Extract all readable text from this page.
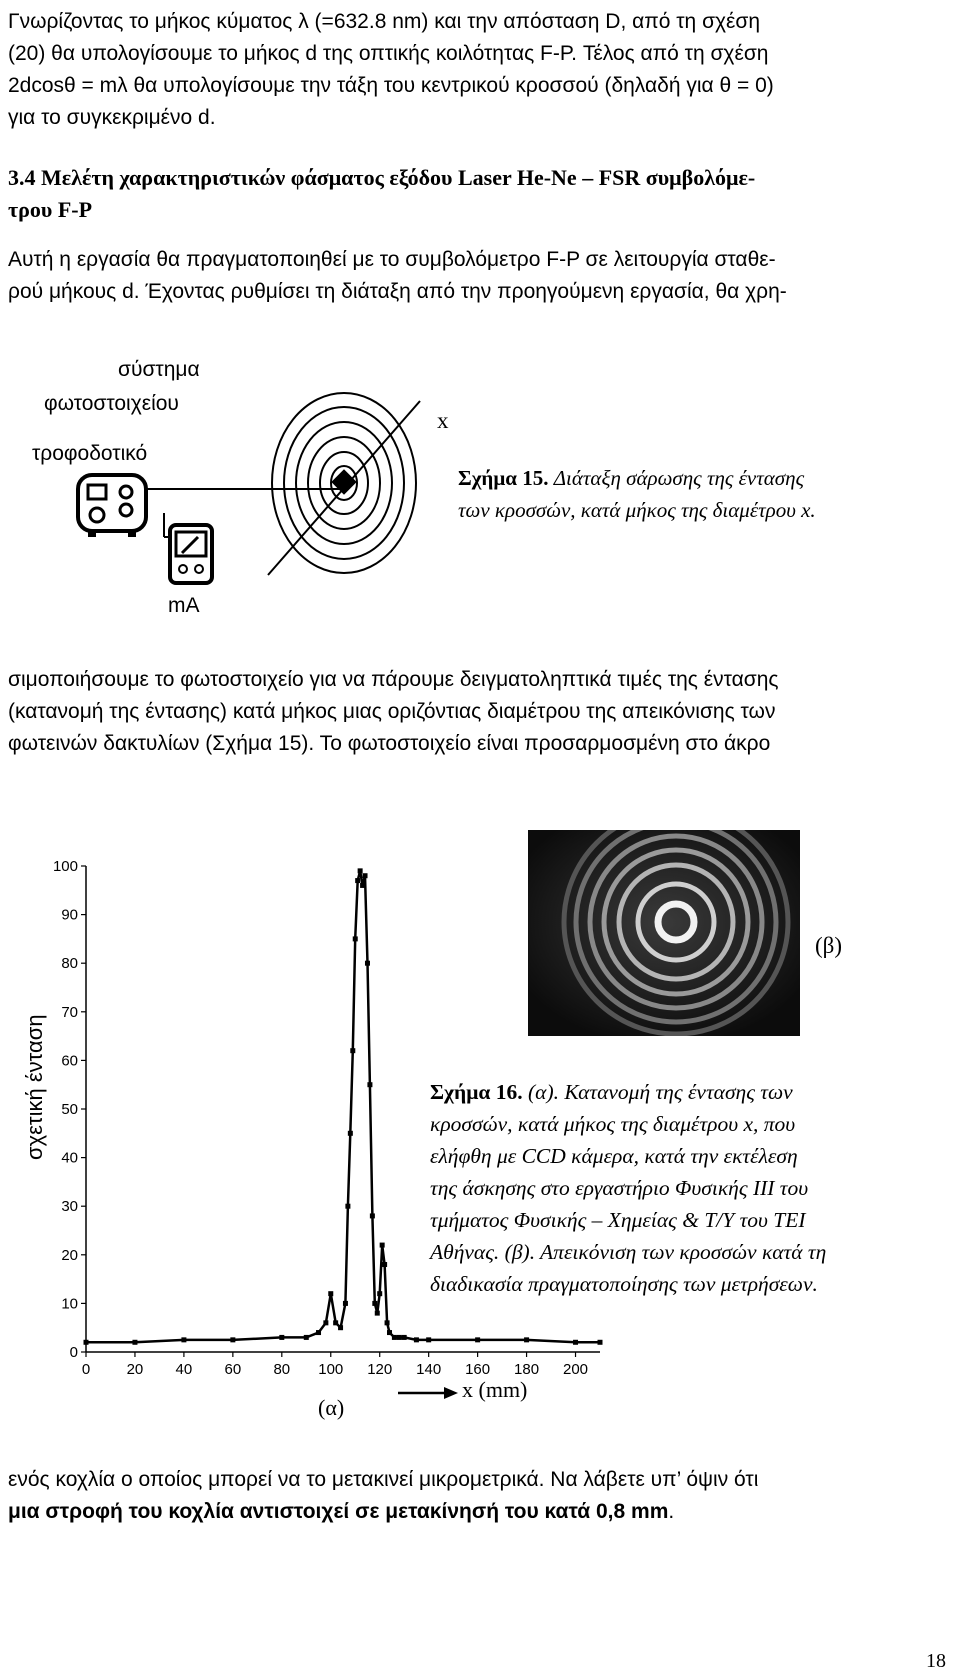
Γνωρίζοντας το μήκος κύματος λ (=632.8 nm) και την απόσταση D, από τη σχέση
(20) θα υπολογίσουμε το μήκος d της οπτικής κοιλότητας F-P. Τέλος από τη σχέση
2dcosθ = mλ θα υπολογίσουμε την τάξη του κεντρικού κροσσού (δηλαδή για θ = 0)
για το συγκεκριμένο d.
3.4 Μελέτη χαρακτηριστικών φάσματος εξόδου Laser He-Ne – FSR συμβολόμε-
τρου F-P
Αυτή η εργασία θα πραγματοποιηθεί με το συμβολόμετρο F-P σε λειτουργία σταθε-
ρού μήκους d. Έχοντας ρυθμίσει τη διάταξη από την προηγούμενη εργασία, θα χρη-
σύστημα
φωτοστοιχείου
τροφοδοτικό
mA
x
Σχήμα 15. Διάταξη σάρωσης της έντασης
των κροσσών, κατά μήκος της διαμέτρου x.
σιμοποιήσουμε το φωτοστοιχείο για να πάρουμε δειγματοληπτικά τιμές της έντασης
(κατανομή της έντασης) κατά μήκος μιας οριζόντιας διαμέτρου της απεικόνισης των
φωτεινών δακτυλίων (Σχήμα 15). Το φωτοστοιχείο είναι προσαρμοσμένη στο άκρο
σχετική ένταση
0
10
20
30
40
50
60
70
80
90
100
0 20 40 60 80 100 120 140 160 180 200
(α)
x (mm)
(β)
Σχήμα 16. (α). Κατανομή της έντασης των
κροσσών, κατά μήκος της διαμέτρου x, που
ελήφθη με CCD κάμερα, κατά την εκτέλεση
της άσκησης στο εργαστήριο Φυσικής ΙΙΙ του
τμήματος Φυσικής – Χημείας & Τ/Υ του ΤΕΙ
Αθήνας. (β). Απεικόνιση των κροσσών κατά τη
διαδικασία πραγματοποίησης των μετρήσεων.
ενός κοχλία ο οποίος μπορεί να το μετακινεί μικρομετρικά. Να λάβετε υπ’ όψιν ότι
μια στροφή του κοχλία αντιστοιχεί σε μετακίνησή του κατά 0,8 mm.
18
